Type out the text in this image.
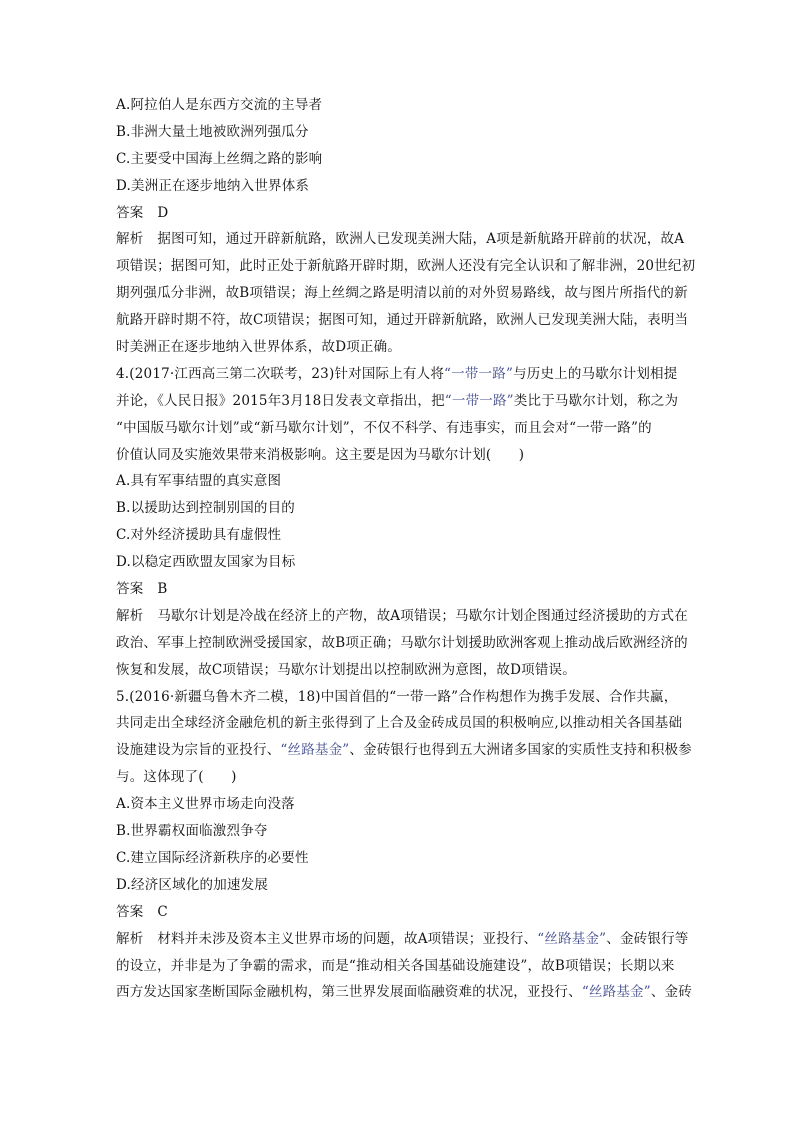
A.阿拉伯人是东西方交流的主导者
B.非洲大量土地被欧洲列强瓜分
C.主要受中国海上丝绸之路的影响
D.美洲正在逐步地纳入世界体系
答案 D
解析 据图可知，通过开辟新航路，欧洲人已发现美洲大陆，A项是新航路开辟前的状况，故A
项错误；据图可知，此时正处于新航路开辟时期，欧洲人还没有完全认识和了解非洲，20世纪初
期列强瓜分非洲，故B项错误；海上丝绸之路是明清以前的对外贸易路线，故与图片所指代的新
航路开辟时期不符，故C项错误；据图可知，通过开辟新航路，欧洲人已发现美洲大陆，表明当
时美洲正在逐步地纳入世界体系，故D项正确。
4.(2017·江西高三第二次联考，23)针对国际上有人将“一带一路”与历史上的马歇尔计划相提
并论，《人民日报》2015年3月18日发表文章指出，把“一带一路”类比于马歇尔计划，称之为
“中国版马歇尔计划”或“新马歇尔计划”，不仅不科学、有违事实，而且会对“一带一路”的
价值认同及实施效果带来消极影响。这主要是因为马歇尔计划(　　)
A.具有军事结盟的真实意图
B.以援助达到控制别国的目的
C.对外经济援助具有虚假性
D.以稳定西欧盟友国家为目标
答案 B
解析 马歇尔计划是冷战在经济上的产物，故A项错误；马歇尔计划企图通过经济援助的方式在
政治、军事上控制欧洲受援国家，故B项正确；马歇尔计划援助欧洲客观上推动战后欧洲经济的
恢复和发展，故C项错误；马歇尔计划提出以控制欧洲为意图，故D项错误。
5.(2016·新疆乌鲁木齐二模，18)中国首倡的“一带一路”合作构想作为携手发展、合作共赢，
共同走出全球经济金融危机的新主张得到了上合及金砖成员国的积极响应,以推动相关各国基础
设施建设为宗旨的亚投行、“丝路基金”、金砖银行也得到五大洲诸多国家的实质性支持和积极参
与。这体现了(　　)
A.资本主义世界市场走向没落
B.世界霸权面临激烈争夺
C.建立国际经济新秩序的必要性
D.经济区域化的加速发展
答案 C
解析 材料并未涉及资本主义世界市场的问题，故A项错误；亚投行、“丝路基金”、金砖银行等
的设立，并非是为了争霸的需求，而是“推动相关各国基础设施建设”，故B项错误；长期以来
西方发达国家垄断国际金融机构，第三世界发展面临融资难的状况，亚投行、“丝路基金”、金砖
